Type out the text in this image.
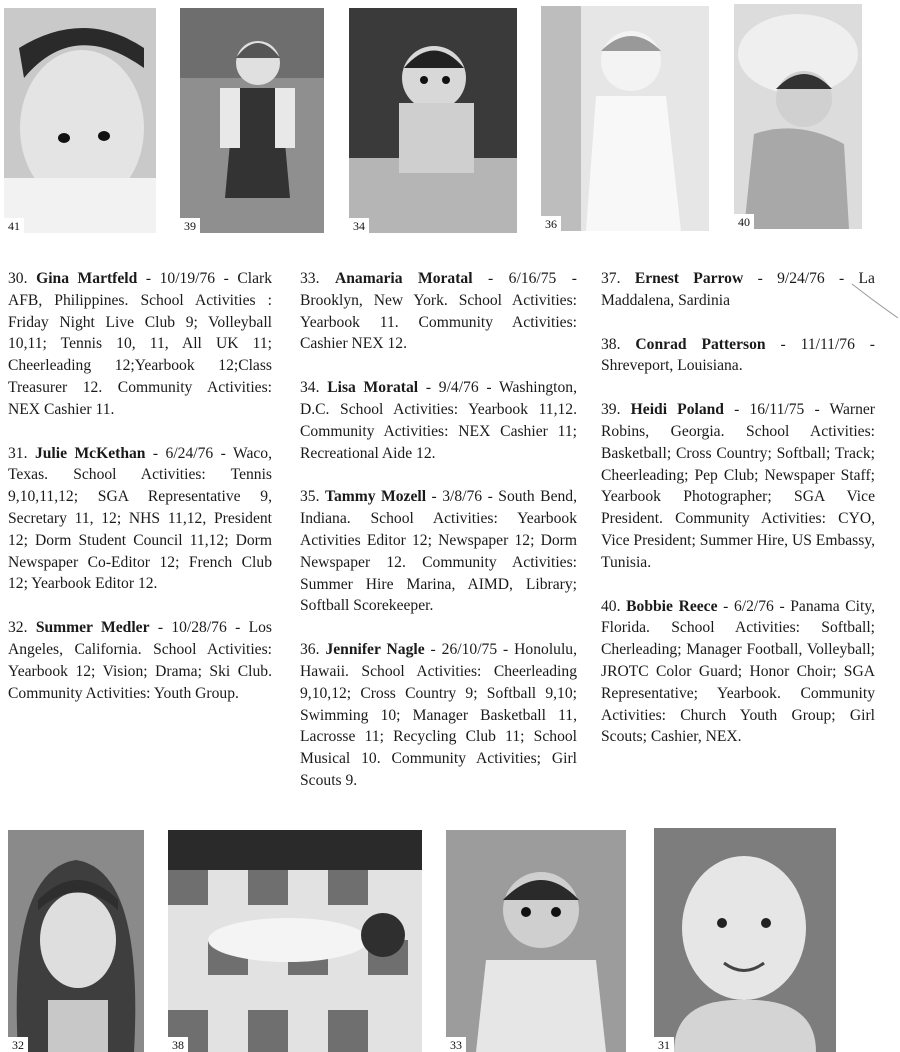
41	39	34	36	40
30. Gina Martfeld - 10/19/76 - Clark AFB, Philippines. School Activities : Friday Night Live Club 9; Volleyball 10,11; Tennis 10, 11, All UK 11; Cheerleading 12;Yearbook 12;Class Treasurer 12. Community Activities: NEX Cashier 11.
31. Julie McKethan - 6/24/76 - Waco, Texas. School Activities: Tennis 9,10,11,12; SGA Representative 9, Secretary 11, 12; NHS 11,12, President 12; Dorm Student Council 11,12; Dorm Newspaper Co-Editor 12; French Club 12; Yearbook Editor 12.
32. Summer Medler - 10/28/76 - Los Angeles, California. School Activities: Yearbook 12; Vision; Drama; Ski Club. Community Activities: Youth Group.
33. Anamaria Moratal - 6/16/75 - Brooklyn, New York. School Activities: Yearbook 11. Community Activities: Cashier NEX 12.
34. Lisa Moratal - 9/4/76 - Washington, D.C. School Activities: Yearbook 11,12. Community Activities: NEX Cashier 11; Recreational Aide 12.
35. Tammy Mozell - 3/8/76 - South Bend, Indiana. School Activities: Yearbook Activities Editor 12; Newspaper 12; Dorm Newspaper 12. Community Activities: Summer Hire Marina, AIMD, Library; Softball Scorekeeper.
36. Jennifer Nagle - 26/10/75 - Honolulu, Hawaii. School Activities: Cheerleading 9,10,12; Cross Country 9; Softball 9,10; Swimming 10; Manager Basketball 11, Lacrosse 11; Recycling Club 11; School Musical 10. Community Activities; Girl Scouts 9.
37. Ernest Parrow - 9/24/76 - La Maddalena, Sardinia
38. Conrad Patterson - 11/11/76 - Shreveport, Louisiana.
39. Heidi Poland - 16/11/75 - Warner Robins, Georgia. School Activities: Basketball; Cross Country; Softball; Track; Cheerleading; Pep Club; Newspaper Staff; Yearbook Photographer; SGA Vice President. Community Activities: CYO, Vice President; Summer Hire, US Embassy, Tunisia.
40. Bobbie Reece - 6/2/76 - Panama City, Florida. School Activities: Softball; Cherleading; Manager Football, Volleyball; JROTC Color Guard; Honor Choir; SGA Representative; Yearbook. Community Activities: Church Youth Group; Girl Scouts; Cashier, NEX.
32	38	33	31
